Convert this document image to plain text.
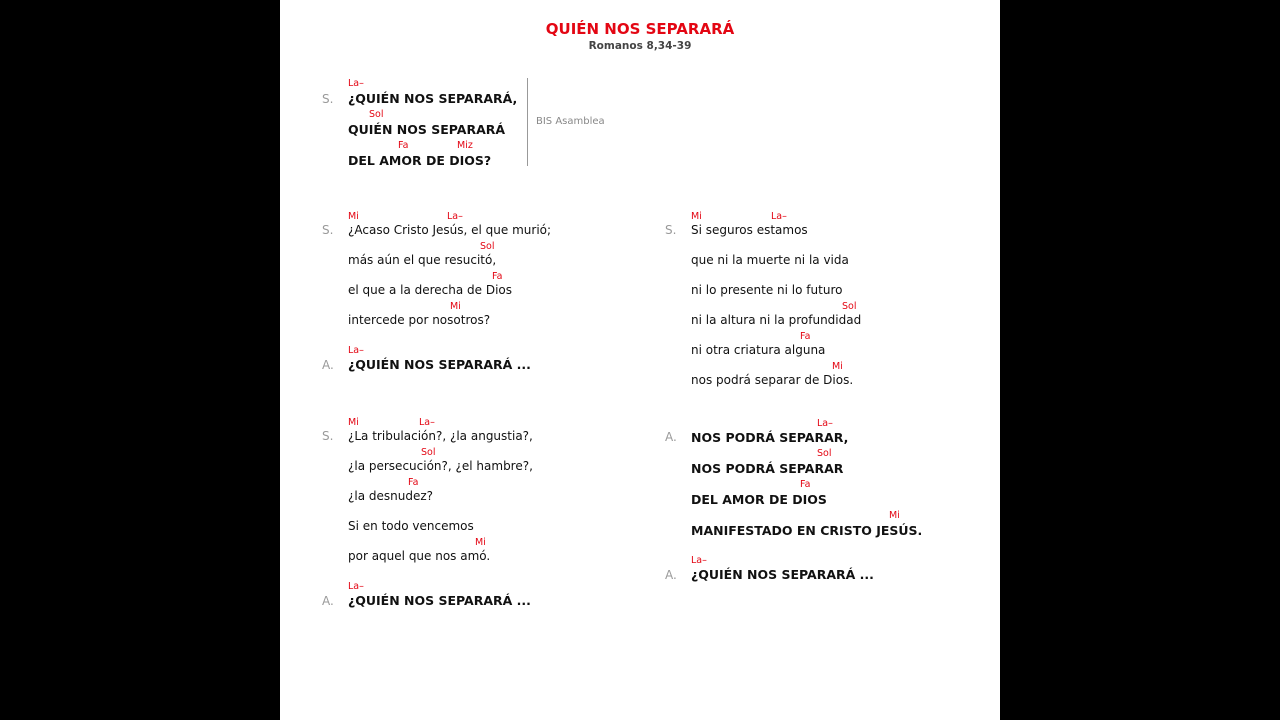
QUIÉN NOS SEPARARÁ
Romanos 8,34-39
S.
La–
¿QUIÉN NOS SEPARARÁ,
Sol
QUIÉN NOS SEPARARÁ
Fa	Miz
DEL AMOR DE DIOS?
BIS Asamblea
S.
Mi	La–
¿Acaso Cristo Jesús, el que murió;
Sol
más aún el que resucitó,
Fa
el que a la derecha de Dios
Mi
intercede por nosotros?
A.
La–
¿QUIÉN NOS SEPARARÁ ...
S.
Mi	La–
¿La tribulación?, ¿la angustia?,
Sol
¿la persecución?, ¿el hambre?,
Fa
¿la desnudez?
Si en todo vencemos
Mi
por aquel que nos amó.
A.
La–
¿QUIÉN NOS SEPARARÁ ...
S.
Mi	La–
Si seguros estamos
que ni la muerte ni la vida
ni lo presente ni lo futuro
Sol
ni la altura ni la profundidad
Fa
ni otra criatura alguna
Mi
nos podrá separar de Dios.
A.
La–
NOS PODRÁ SEPARAR,
Sol
NOS PODRÁ SEPARAR
Fa
DEL AMOR DE DIOS
Mi
MANIFESTADO EN CRISTO JESÚS.
A.
La–
¿QUIÉN NOS SEPARARÁ ...
